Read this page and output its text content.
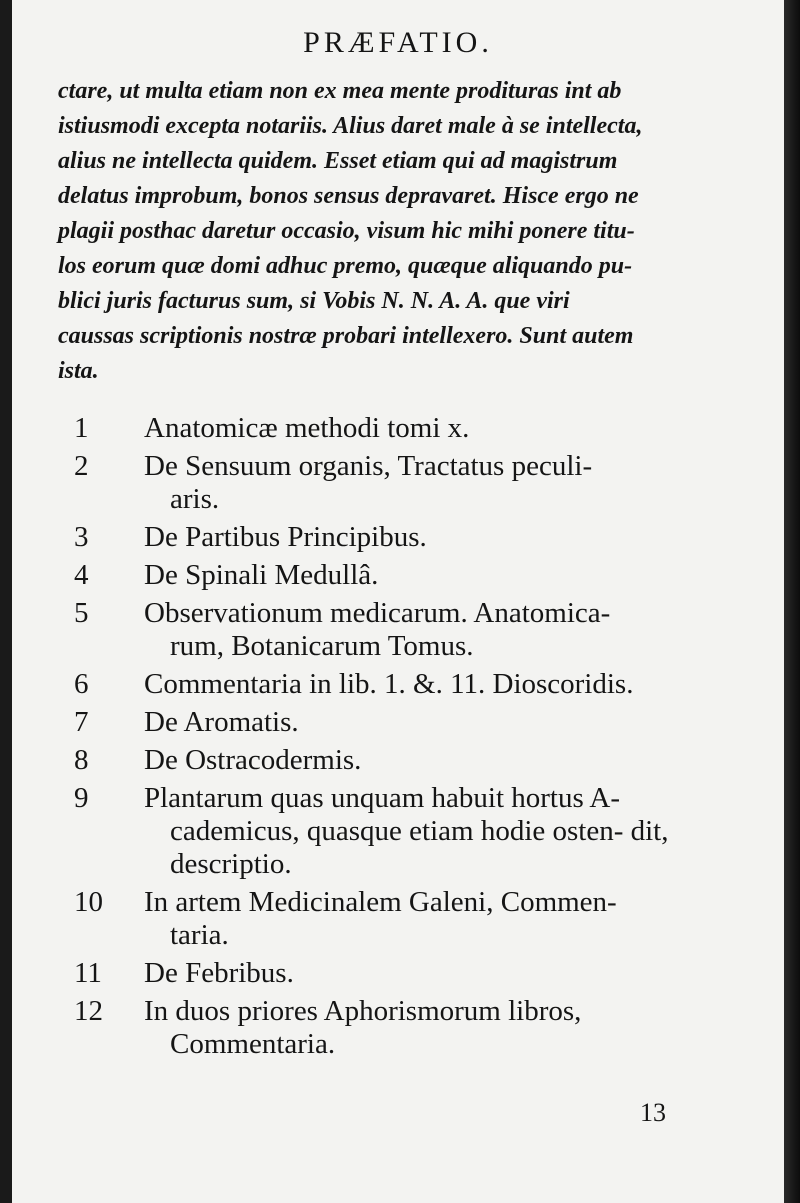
PRÆFATIO.
ctare, ut multa etiam non ex mea mente prodituras int ab
istiusmodi excepta notariis. Alius daret male à se intellecta,
alius ne intellecta quidem. Esset etiam qui ad magistrum
delatus improbum, bonos sensus depravaret. Hisce ergo ne
plagii posthac daretur occasio, visum hic mihi ponere titu-
los eorum quæ domi adhuc premo, quæque aliquando pu-
blici juris facturus sum, si Vobis N. N. A. A. que viri
caussas scriptionis nostræ probari intellexero. Sunt autem
ista.
1	Anatomicæ methodi tomi x.
2	De Sensuum organis, Tractatus peculi-
aris.
3	De Partibus Principibus.
4	De Spinali Medullâ.
5	Observationum medicarum. Anatomica-
rum, Botanicarum Tomus.
6	Commentaria in lib. 1. &. 11. Dioscoridis.
7	De Aromatis.
8	De Ostracodermis.
9	Plantarum quas unquam habuit hortus A-
cademicus, quasque etiam hodie osten- dit, descriptio.
10	In artem Medicinalem Galeni, Commen-
taria.
11	De Febribus.
12	In duos priores Aphorismorum libros,
Commentaria.
13
